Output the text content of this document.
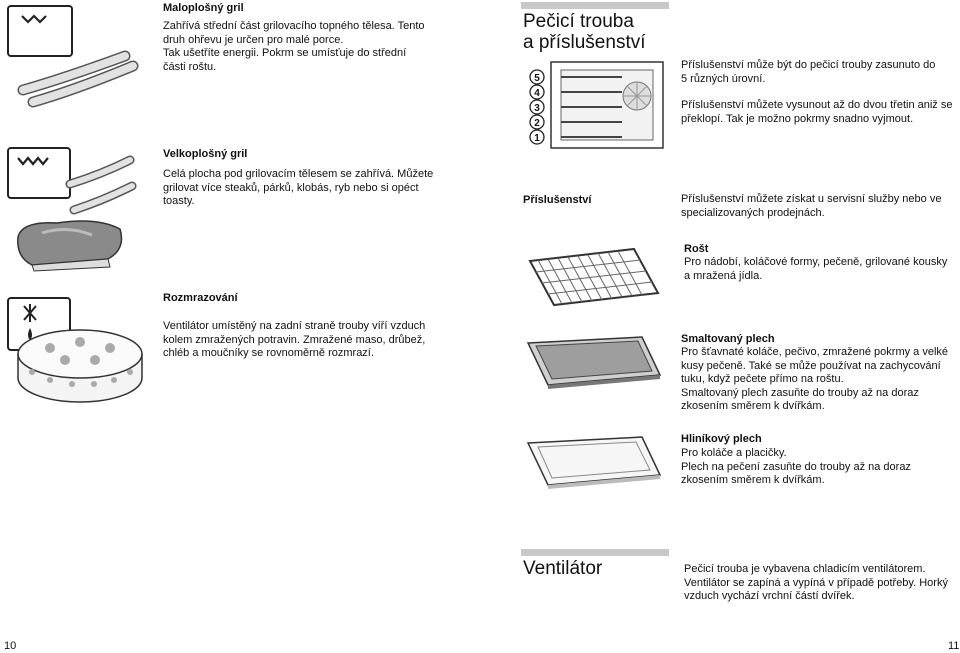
Maloplošný gril
Zahřívá střední část grilovacího topného tělesa. Tento
druh ohřevu je určen pro malé porce.
Tak ušetříte energii. Pokrm se umísťuje do střední
části roštu.
Velkoplošný gril
Celá plocha pod grilovacím tělesem se zahřívá. Můžete
grilovat více steaků, párků, klobás, ryb nebo si opéct
toasty.
Rozmrazování
Ventilátor umístěný na zadní straně trouby víří vzduch
kolem zmražených potravin. Zmražené maso, drůbež,
chléb a moučníky se rovnoměrně rozmrazí.
10
Pečicí trouba
a příslušenství
5
4
3
2
1
Příslušenství může být do pečicí trouby zasunuto do
5 různých úrovní.
Příslušenství můžete vysunout až do dvou třetin aniž se
překlopí. Tak je možno pokrmy snadno vyjmout.
Příslušenství	Příslušenství můžete získat u servisní služby nebo ve
specializovaných prodejnách.
Rošt
Pro nádobí, koláčové formy, pečeně, grilované kousky
a mražená jídla.
Smaltovaný plech
Pro šťavnaté koláče, pečivo, zmražené pokrmy a velké
kusy pečeně. Také se může používat na zachycování
tuku, když pečete přímo na roštu.
Smaltovaný plech zasuňte do trouby až na doraz
zkosením směrem k dvířkám.
Hliníkový plech
Pro koláče a placičky.
Plech na pečení zasuňte do trouby až na doraz
zkosením směrem k dvířkám.
Ventilátor	Pečicí trouba je vybavena chladicím ventilátorem.
Ventilátor se zapíná a vypíná v případě potřeby. Horký
vzduch vychází vrchní částí dvířek.
11
